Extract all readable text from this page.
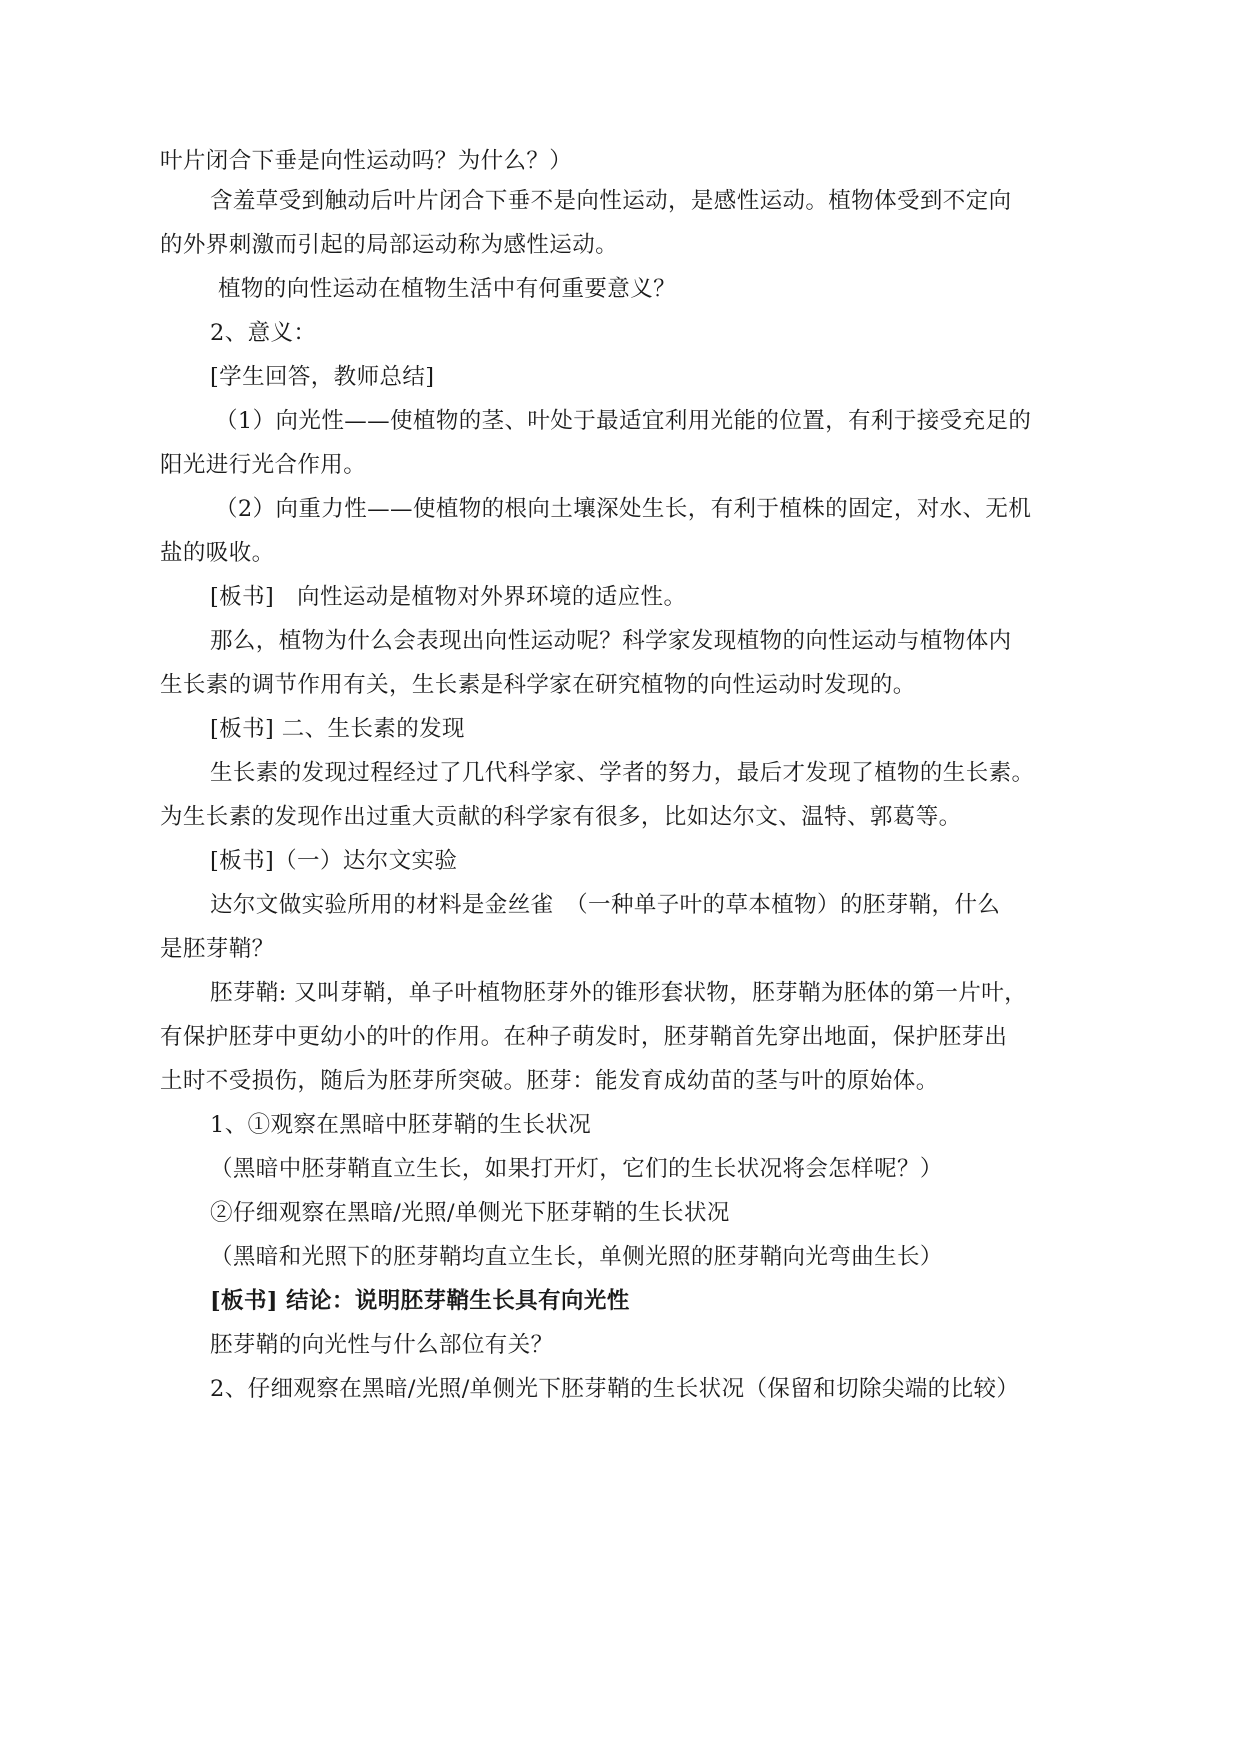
叶片闭合下垂是向性运动吗？为什么？）
含羞草受到触动后叶片闭合下垂不是向性运动，是感性运动。植物体受到不定向
的外界刺激而引起的局部运动称为感性运动。
植物的向性运动在植物生活中有何重要意义？
2、意义：
[学生回答，教师总结]
（1）向光性——使植物的茎、叶处于最适宜利用光能的位置，有利于接受充足的
阳光进行光合作用。
（2）向重力性——使植物的根向土壤深处生长，有利于植株的固定，对水、无机
盐的吸收。
[板书]　向性运动是植物对外界环境的适应性。
那么，植物为什么会表现出向性运动呢？科学家发现植物的向性运动与植物体内
生长素的调节作用有关，生长素是科学家在研究植物的向性运动时发现的。
[板书] 二、生长素的发现
生长素的发现过程经过了几代科学家、学者的努力，最后才发现了植物的生长素。
为生长素的发现作出过重大贡献的科学家有很多，比如达尔文、温特、郭葛等。
[板书]（一）达尔文实验
达尔文做实验所用的材料是金丝雀　（一种单子叶的草本植物）的胚芽鞘，什么
是胚芽鞘？
胚芽鞘: 又叫芽鞘，单子叶植物胚芽外的锥形套状物，胚芽鞘为胚体的第一片叶，
有保护胚芽中更幼小的叶的作用。在种子萌发时，胚芽鞘首先穿出地面，保护胚芽出
土时不受损伤，随后为胚芽所突破。胚芽：能发育成幼苗的茎与叶的原始体。
1、①观察在黑暗中胚芽鞘的生长状况
（黑暗中胚芽鞘直立生长，如果打开灯，它们的生长状况将会怎样呢？）
②仔细观察在黑暗/光照/单侧光下胚芽鞘的生长状况
（黑暗和光照下的胚芽鞘均直立生长，单侧光照的胚芽鞘向光弯曲生长）
[板书] 结论：说明胚芽鞘生长具有向光性
胚芽鞘的向光性与什么部位有关？
2、仔细观察在黑暗/光照/单侧光下胚芽鞘的生长状况（保留和切除尖端的比较）
